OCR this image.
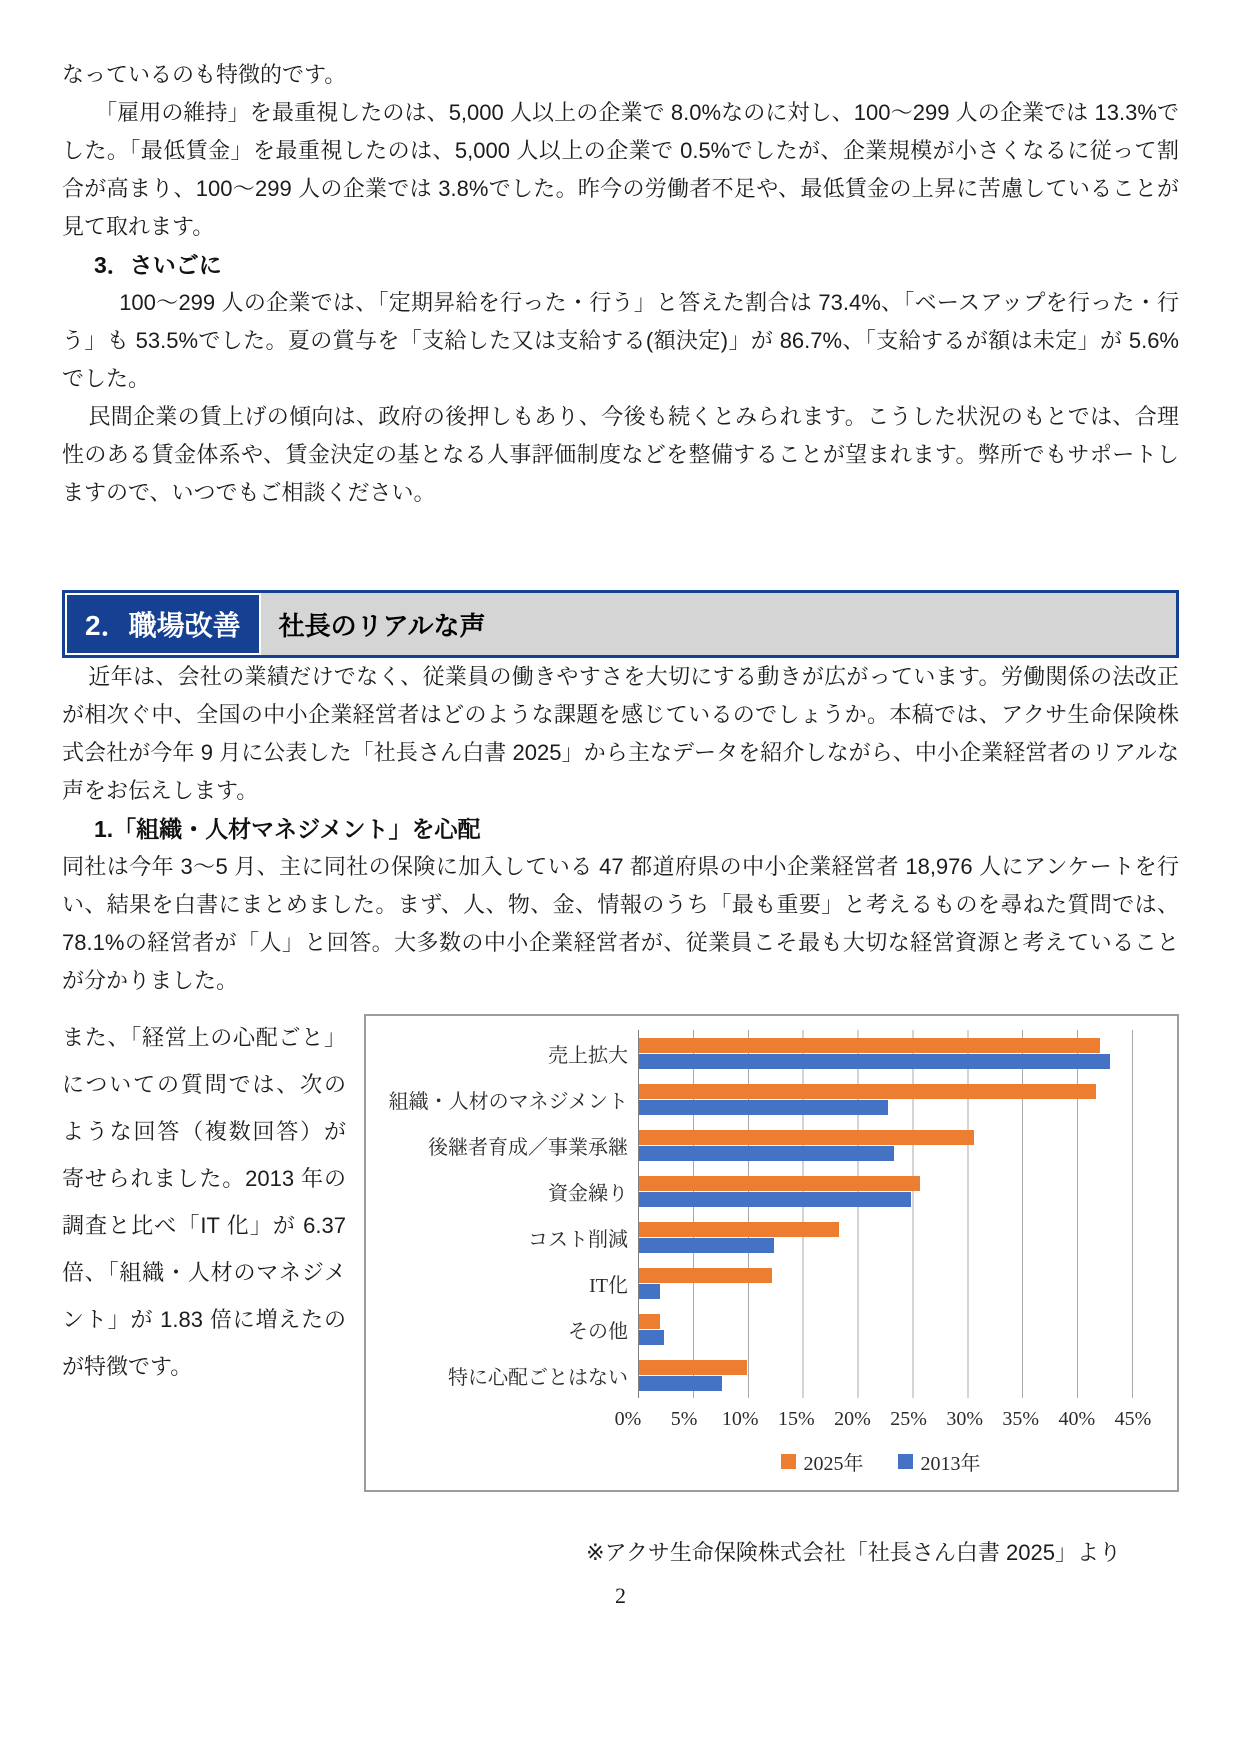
なっているのも特徴的です。

「雇用の維持」を最重視したのは、5,000 人以上の企業で 8.0%なのに対し、100～299 人の企業では 13.3%でした。「最低賃金」を最重視したのは、5,000 人以上の企業で 0.5%でしたが、企業規模が小さくなるに従って割合が高まり、100～299 人の企業では 3.8%でした。昨今の労働者不足や、最低賃金の上昇に苦慮していることが見て取れます。

3．さいごに

100～299 人の企業では、「定期昇給を行った・行う」と答えた割合は 73.4%、「ベースアップを行った・行う」も 53.5%でした。夏の賞与を「支給した又は支給する(額決定)」が 86.7%、「支給するが額は未定」が 5.6%でした。

民間企業の賃上げの傾向は、政府の後押しもあり、今後も続くとみられます。こうした状況のもとでは、合理性のある賃金体系や、賃金決定の基となる人事評価制度などを整備することが望まれます。弊所でもサポートしますので、いつでもご相談ください。

2．職場改善	社長のリアルな声

近年は、会社の業績だけでなく、従業員の働きやすさを大切にする動きが広がっています。労働関係の法改正が相次ぐ中、全国の中小企業経営者はどのような課題を感じているのでしょうか。本稿では、アクサ生命保険株式会社が今年 9 月に公表した「社長さん白書 2025」から主なデータを紹介しながら、中小企業経営者のリアルな声をお伝えします。

1.「組織・人材マネジメント」を心配

同社は今年 3～5 月、主に同社の保険に加入している 47 都道府県の中小企業経営者 18,976 人にアンケートを行い、結果を白書にまとめました。まず、人、物、金、情報のうち「最も重要」と考えるものを尋ねた質問では、78.1%の経営者が「人」と回答。大多数の中小企業経営者が、従業員こそ最も大切な経営資源と考えていることが分かりました。

また、「経営上の心配ごと」についての質問では、次のような回答（複数回答）が寄せられました。2013 年の調査と比べ「IT 化」が 6.37 倍、「組織・人材のマネジメント」が 1.83 倍に増えたのが特徴です。
売上拡大
組織・人材のマネジメント
後継者育成／事業承継
資金繰り
コスト削減
IT化
その他
特に心配ごとはない
0% 5% 10% 15% 20% 25% 30% 35% 40% 45%
2025年	2013年
※アクサ生命保険株式会社「社長さん白書 2025」より
2
